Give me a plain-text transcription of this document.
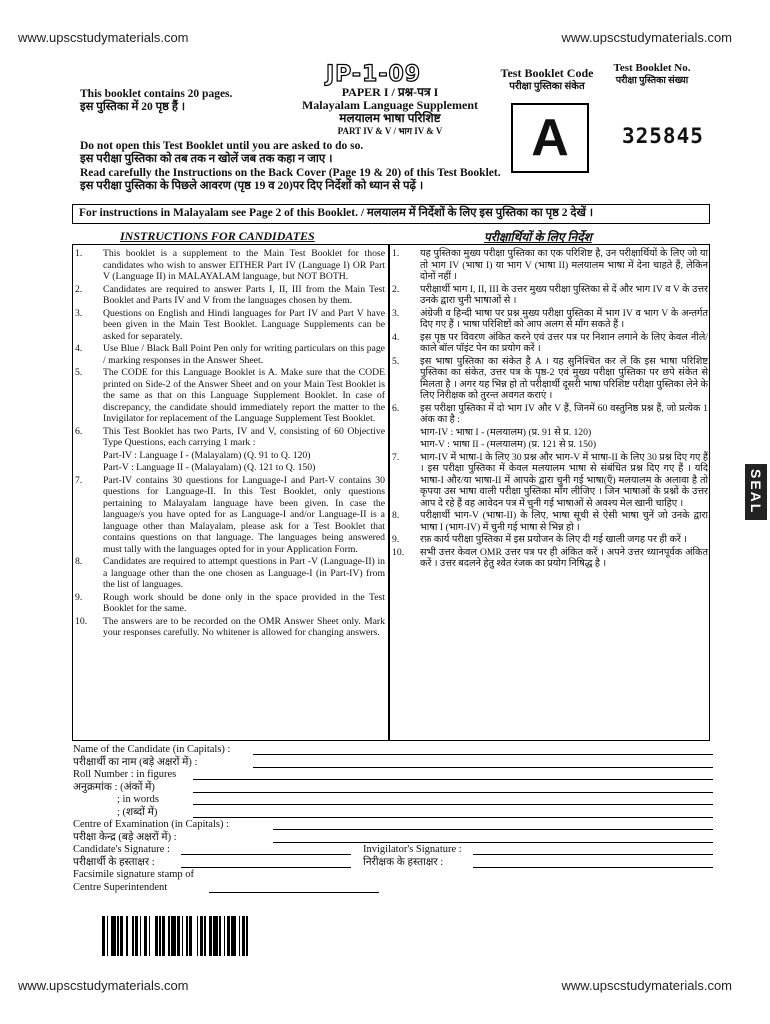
www.upscstudymaterials.com	www.upscstudymaterials.com
JP-1-09
PAPER I / प्रश्न-पत्र I
Malayalam Language Supplement
मलयालम भाषा परिशिष्ट
PART IV & V / भाग IV & V
This booklet contains 20 pages.
इस पुस्तिका में 20 पृष्ठ हैं ।
Test Booklet Code
परीक्षा पुस्तिका संकेत
A
Test Booklet No.
परीक्षा पुस्तिका संख्या
325845
Do not open this Test Booklet until you are asked to do so.
इस परीक्षा पुस्तिका को तब तक न खोलें जब तक कहा न जाए ।
Read carefully the Instructions on the Back Cover (Page 19 & 20) of this Test Booklet.
इस परीक्षा पुस्तिका के पिछले आवरण (पृष्ठ 19 व 20)पर दिए निर्देशों को ध्यान से पढ़ें ।
For instructions in Malayalam see Page 2 of this Booklet. / मलयालम में निर्देशों के लिए इस पुस्तिका का पृष्ठ 2 देखें ।
INSTRUCTIONS FOR CANDIDATES	परीक्षार्थियों के लिए निर्देश
1.	This booklet is a supplement to the Main Test Booklet for those candidates who wish to answer EITHER Part IV (Language I) OR Part V (Language II) in MALAYALAM language, but NOT BOTH.
2.	Candidates are required to answer Parts I, II, III from the Main Test Booklet and Parts IV and V from the languages chosen by them.
3.	Questions on English and Hindi languages for Part IV and Part V have been given in the Main Test Booklet. Language Supplements can be asked for separately.
4.	Use Blue / Black Ball Point Pen only for writing particulars on this page / marking responses in the Answer Sheet.
5.	The CODE for this Language Booklet is A. Make sure that the CODE printed on Side-2 of the Answer Sheet and on your Main Test Booklet is the same as that on this Language Supplement Booklet. In case of discrepancy, the candidate should immediately report the matter to the Invigilator for replacement of the Language Supplement Test Booklet.
6.	This Test Booklet has two Parts, IV and V, consisting of 60 Objective Type Questions, each carrying 1 mark :
Part-IV : Language I - (Malayalam) (Q. 91 to Q. 120)
Part-V : Language II - (Malayalam) (Q. 121 to Q. 150)
7.	Part-IV contains 30 questions for Language-I and Part-V contains 30 questions for Language-II. In this Test Booklet, only questions pertaining to Malayalam language have been given. In case the language/s you have opted for as Language-I and/or Language-II is a language other than Malayalam, please ask for a Test Booklet that contains questions on that language. The languages being answered must tally with the languages opted for in your Application Form.
8.	Candidates are required to attempt questions in Part -V (Language-II) in a language other than the one chosen as Language-I (in Part-IV) from the list of languages.
9.	Rough work should be done only in the space provided in the Test Booklet for the same.
10.	The answers are to be recorded on the OMR Answer Sheet only. Mark your responses carefully. No whitener is allowed for changing answers.
1.	यह पुस्तिका मुख्य परीक्षा पुस्तिका का एक परिशिष्ट है, उन परीक्षार्थियों के लिए जो या तो भाग IV (भाषा I) या भाग V (भाषा II) मलयालम भाषा में देना चाहते हैं, लेकिन दोनों नहीं ।
2.	परीक्षार्थी भाग I, II, III के उत्तर मुख्य परीक्षा पुस्तिका से दें और भाग IV व V के उत्तर उनके द्वारा चुनी भाषाओं से ।
3.	अंग्रेजी व हिन्दी भाषा पर प्रश्न मुख्य परीक्षा पुस्तिका में भाग IV व भाग V के अन्तर्गत दिए गए हैं । भाषा परिशिष्टों को आप अलग से माँग सकते हैं ।
4.	इस पृष्ठ पर विवरण अंकित करने एवं उत्तर पत्र पर निशान लगाने के लिए केवल नीले/काले बॉल पॉइंट पेन का प्रयोग करें ।
5.	इस भाषा पुस्तिका का संकेत है A । यह सुनिश्चित कर लें कि इस भाषा परिशिष्ट पुस्तिका का संकेत, उत्तर पत्र के पृष्ठ-2 एवं मुख्य परीक्षा पुस्तिका पर छपे संकेत से मिलता है । अगर यह भिन्न हो तो परीक्षार्थी दूसरी भाषा परिशिष्ट परीक्षा पुस्तिका लेने के लिए निरीक्षक को तुरन्त अवगत कराएं ।
6.	इस परीक्षा पुस्तिका में दो भाग IV और V हैं, जिनमें 60 वस्तुनिष्ठ प्रश्न हैं, जो प्रत्येक 1 अंक का है :
भाग-IV : भाषा I - (मलयालम) (प्र. 91 से प्र. 120)
भाग-V : भाषा II - (मलयालम) (प्र. 121 से प्र. 150)
7.	भाग-IV में भाषा-I के लिए 30 प्रश्न और भाग-V में भाषा-II के लिए 30 प्रश्न दिए गए हैं । इस परीक्षा पुस्तिका में केवल मलयालम भाषा से संबंधित प्रश्न दिए गए हैं । यदि भाषा-I और/या भाषा-II में आपके द्वारा चुनी गई भाषा(एँ) मलयालम के अलावा है तो कृपया उस भाषा वाली परीक्षा पुस्तिका माँग लीजिए । जिन भाषाओं के प्रश्नों के उत्तर आप दे रहे हैं वह आवेदन पत्र में चुनी गई भाषाओं से अवश्य मेल खानी चाहिए ।
8.	परीक्षार्थी भाग-V (भाषा-II) के लिए, भाषा सूची से ऐसी भाषा चुनें जो उनके द्वारा भाषा I (भाग-IV) में चुनी गई भाषा से भिन्न हो ।
9.	रफ़ कार्य परीक्षा पुस्तिका में इस प्रयोजन के लिए दी गई खाली जगह पर ही करें ।
10.	सभी उत्तर केवल OMR उत्तर पत्र पर ही अंकित करें । अपने उत्तर ध्यानपूर्वक अंकित करें । उत्तर बदलने हेतु श्वेत रंजक का प्रयोग निषिद्ध है ।
SEAL
Name of the Candidate (in Capitals) :
परीक्षार्थी का नाम (बड़े अक्षरों में) :
Roll Number : in figures
अनुक्रमांक : (अंकों में)
; in words
; (शब्दों में)
Centre of Examination (in Capitals) :
परीक्षा केन्द्र (बड़े अक्षरों में) :
Candidate's Signature :	Invigilator's Signature :
परीक्षार्थी के हस्ताक्षर :	निरीक्षक के हस्ताक्षर :
Facsimile signature stamp of
Centre Superintendent
www.upscstudymaterials.com	www.upscstudymaterials.com
